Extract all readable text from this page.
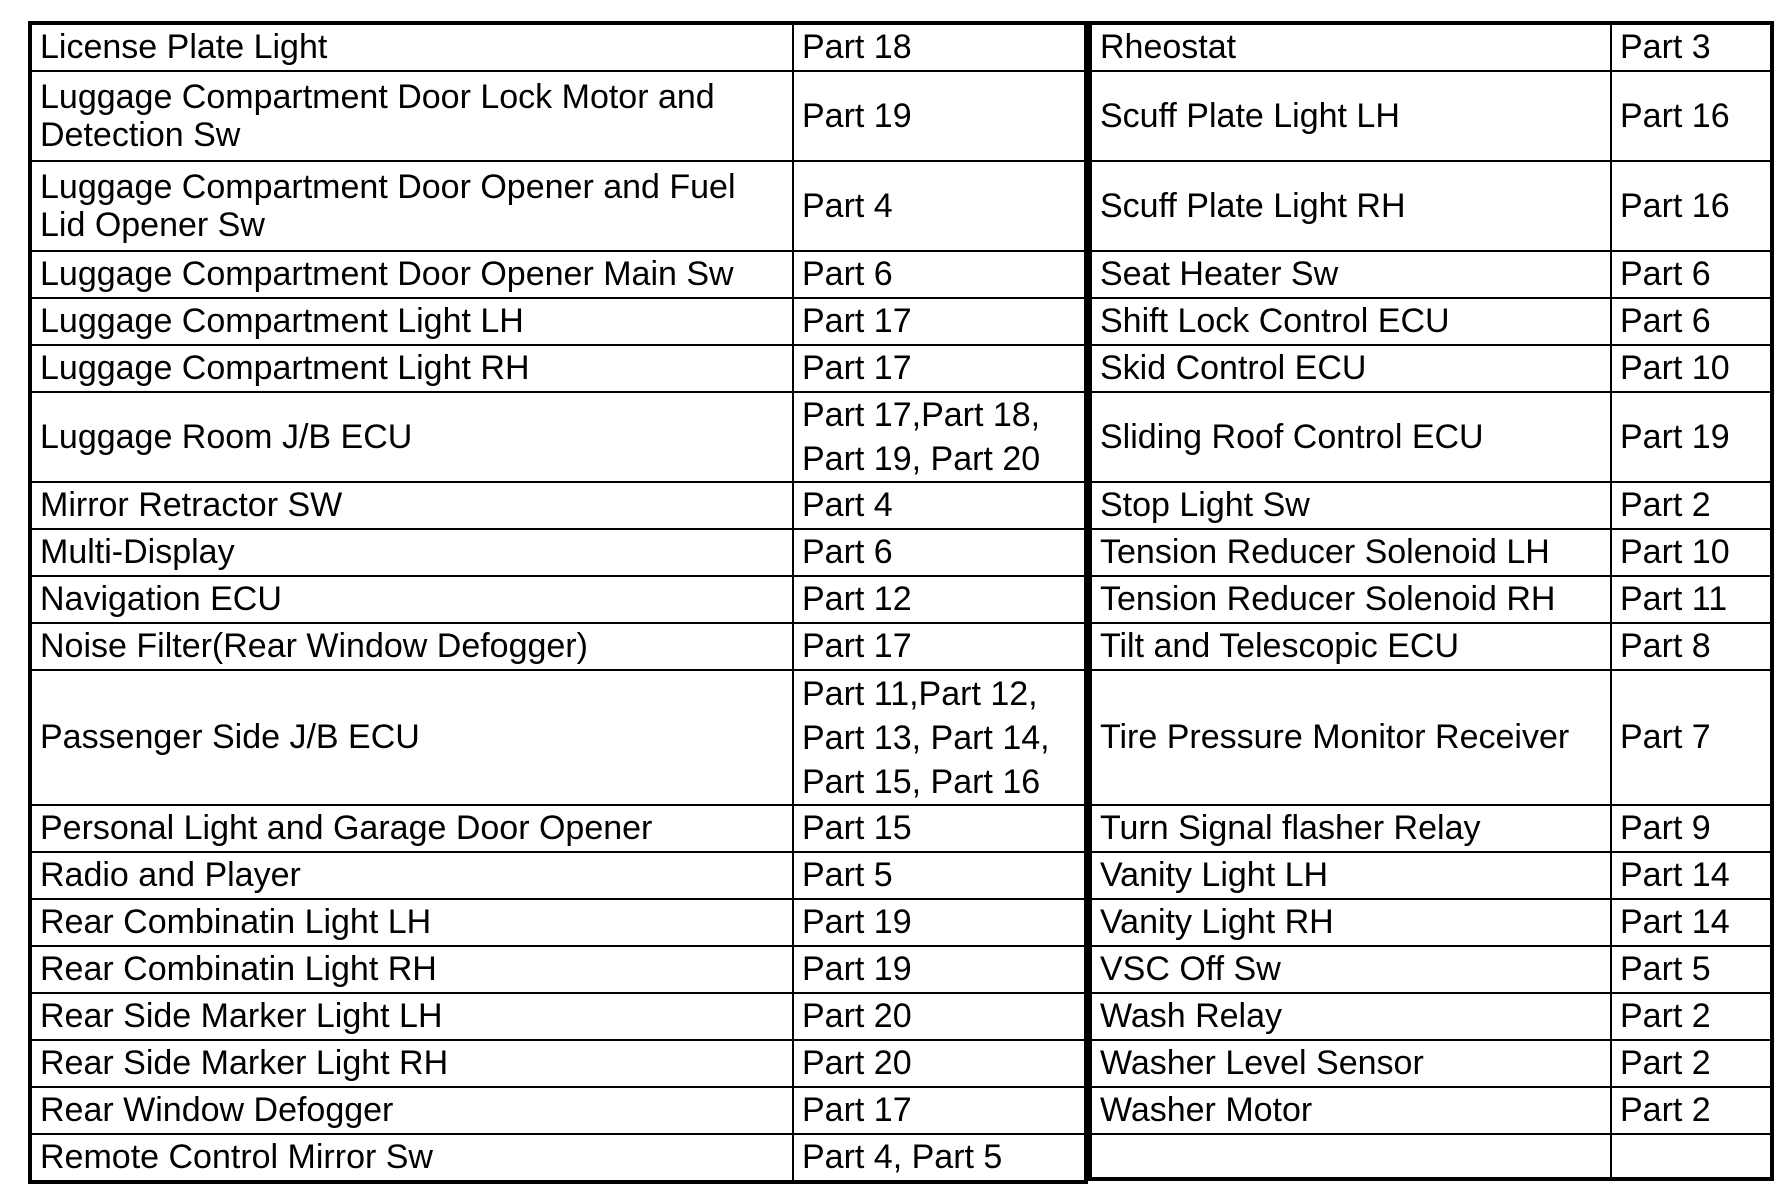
License Plate Light	Part 18
Luggage Compartment Door Lock Motor and
Detection Sw	Part 19
Luggage Compartment Door Opener and Fuel
Lid Opener Sw	Part 4
Luggage Compartment Door Opener Main Sw	Part 6
Luggage Compartment Light LH	Part 17
Luggage Compartment Light RH	Part 17
Luggage Room J/B ECU	Part 17,Part 18,
Part 19, Part 20
Mirror Retractor SW	Part 4
Multi-Display	Part 6
Navigation ECU	Part 12
Noise Filter(Rear Window Defogger)	Part 17
Passenger Side J/B ECU	Part 11,Part 12,
Part 13, Part 14,
Part 15, Part 16
Personal Light and Garage Door Opener	Part 15
Radio and Player	Part 5
Rear Combinatin Light LH	Part 19
Rear Combinatin Light RH	Part 19
Rear Side Marker Light LH	Part 20
Rear Side Marker Light RH	Part 20
Rear Window Defogger	Part 17
Remote Control Mirror Sw	Part 4, Part 5
Rheostat	Part 3
Scuff Plate Light LH	Part 16
Scuff Plate Light RH	Part 16
Seat Heater Sw	Part 6
Shift Lock Control ECU	Part 6
Skid Control ECU	Part 10
Sliding Roof Control ECU	Part 19
Stop Light Sw	Part 2
Tension Reducer Solenoid LH	Part 10
Tension Reducer Solenoid RH	Part 11
Tilt and Telescopic ECU	Part 8
Tire Pressure Monitor Receiver	Part 7
Turn Signal flasher Relay	Part 9
Vanity Light LH	Part 14
Vanity Light RH	Part 14
VSC Off Sw	Part 5
Wash Relay	Part 2
Washer Level Sensor	Part 2
Washer Motor	Part 2
